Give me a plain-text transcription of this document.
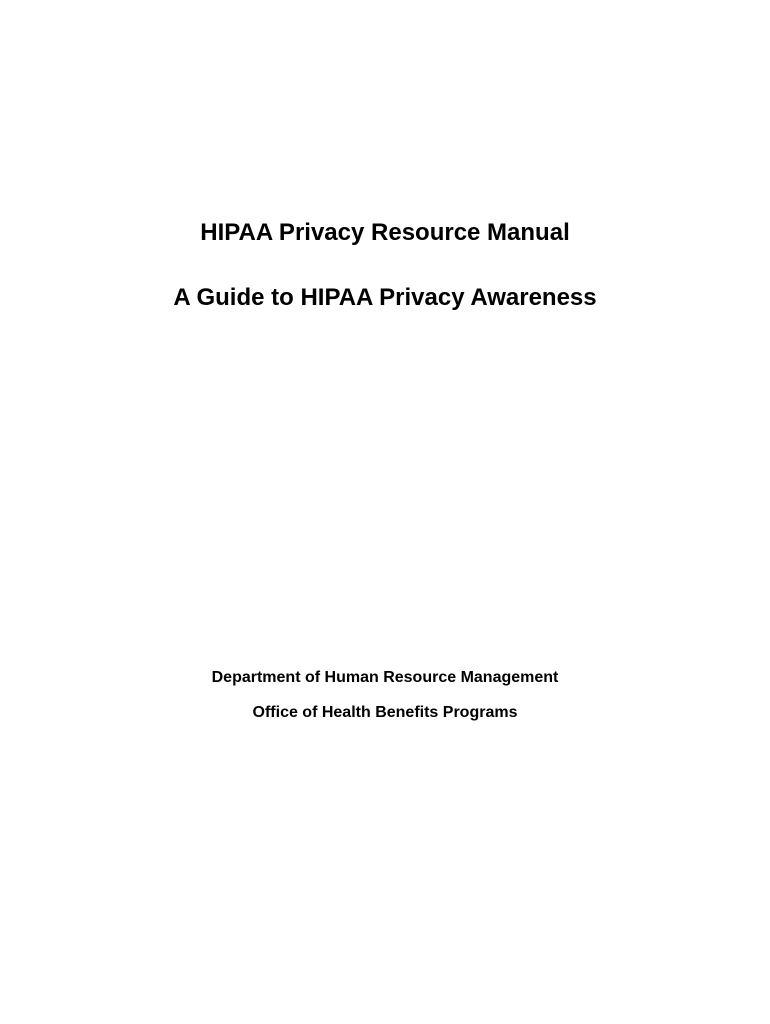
HIPAA Privacy Resource Manual
A Guide to HIPAA Privacy Awareness

Department of Human Resource Management

Office of Health Benefits Programs
